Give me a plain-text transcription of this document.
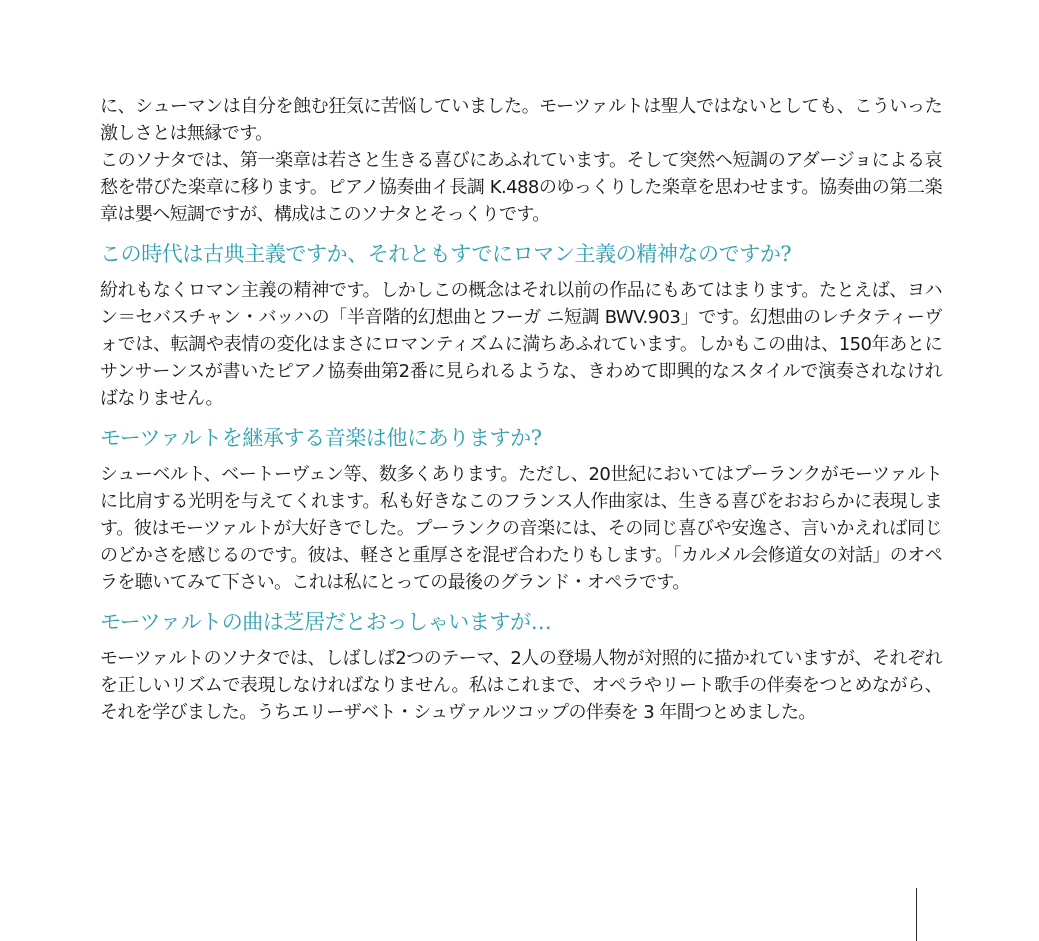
に、シューマンは自分を蝕む狂気に苦悩していました。モーツァルトは聖人ではないとしても、こういった激しさとは無縁です。

このソナタでは、第一楽章は若さと生きる喜びにあふれています。そして突然ヘ短調のアダージョによる哀愁を帯びた楽章に移ります。ピアノ協奏曲イ長調 K.488のゆっくりした楽章を思わせます。協奏曲の第二楽章は嬰ヘ短調ですが、構成はこのソナタとそっくりです。

この時代は古典主義ですか、それともすでにロマン主義の精神なのですか?

紛れもなくロマン主義の精神です。しかしこの概念はそれ以前の作品にもあてはまります。たとえば、ヨハン＝セバスチャン・バッハの「半音階的幻想曲とフーガ ニ短調 BWV.903」です。幻想曲のレチタティーヴォでは、転調や表情の変化はまさにロマンティズムに満ちあふれています。しかもこの曲は、150年あとにサンサーンスが書いたピアノ協奏曲第2番に見られるような、きわめて即興的なスタイルで演奏されなければなりません。

モーツァルトを継承する音楽は他にありますか?

シューベルト、ベートーヴェン等、数多くあります。ただし、20世紀においてはプーランクがモーツァルトに比肩する光明を与えてくれます。私も好きなこのフランス人作曲家は、生きる喜びをおおらかに表現します。彼はモーツァルトが大好きでした。プーランクの音楽には、その同じ喜びや安逸さ、言いかえれば同じのどかさを感じるのです。彼は、軽さと重厚さを混ぜ合わたりもします。「カルメル会修道女の対話」のオペラを聴いてみて下さい。これは私にとっての最後のグランド・オペラです。

モーツァルトの曲は芝居だとおっしゃいますが…

モーツァルトのソナタでは、しばしば2つのテーマ、2人の登場人物が対照的に描かれていますが、それぞれを正しいリズムで表現しなければなりません。私はこれまで、オペラやリート歌手の伴奏をつとめながら、それを学びました。うちエリーザベト・シュヴァルツコップの伴奏を 3 年間つとめました。
